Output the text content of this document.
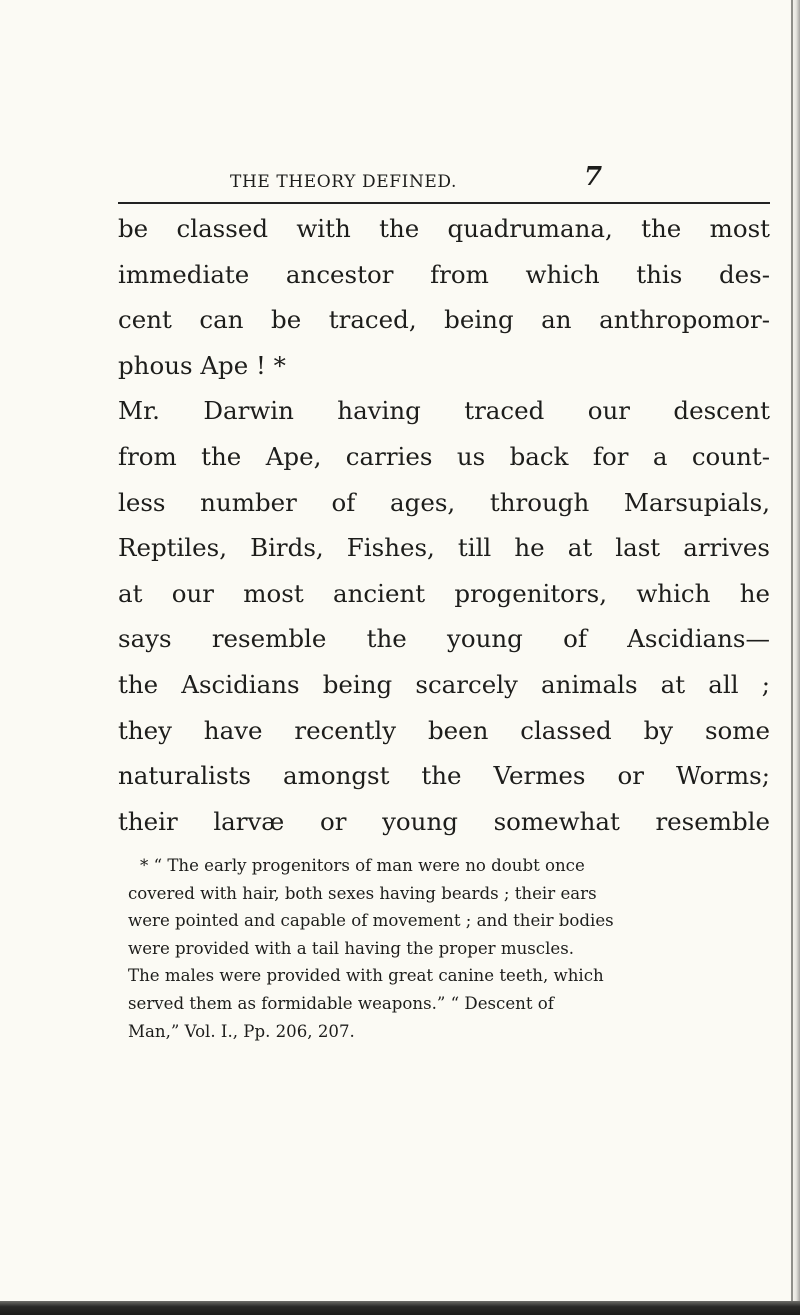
THE THEORY DEFINED.	7
be classed with the quadrumana, the most
immediate ancestor from which this des-
cent can be traced, being an anthropomor-
phous Ape ! *
Mr. Darwin having traced our descent
from the Ape, carries us back for a count-
less number of ages, through Marsupials,
Reptiles, Birds, Fishes, till he at last arrives
at our most ancient progenitors, which he
says resemble the young of Ascidians—
the Ascidians being scarcely animals at all ;
they have recently been classed by some
naturalists amongst the Vermes or Worms;
their larvæ or young somewhat resemble
* “ The early progenitors of man were no doubt once
covered with hair, both sexes having beards ; their ears
were pointed and capable of movement ; and their bodies
were provided with a tail having the proper muscles.
The males were provided with great canine teeth, which
served them as formidable weapons.” “ Descent of
Man,” Vol. I., Pp. 206, 207.
